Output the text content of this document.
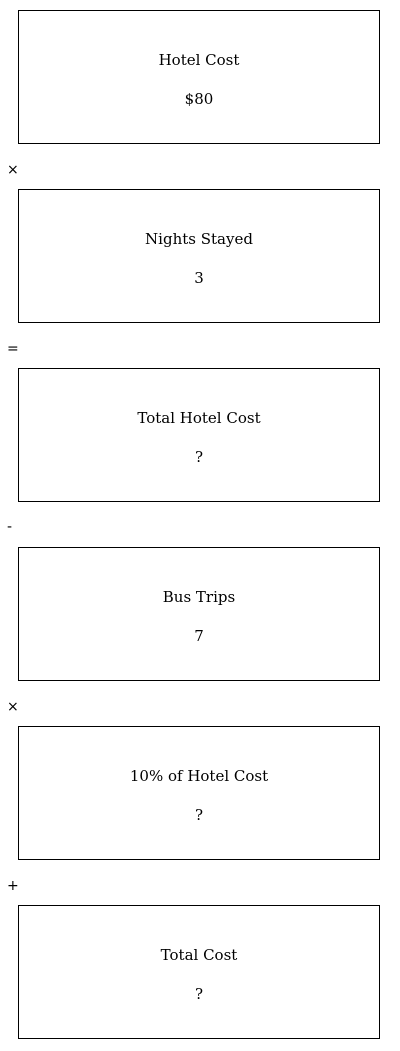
Hotel Cost
$80
×
Nights Stayed
3
=
Total Hotel Cost
?
-
Bus Trips
7
×
10% of Hotel Cost
?
+
Total Cost
?
